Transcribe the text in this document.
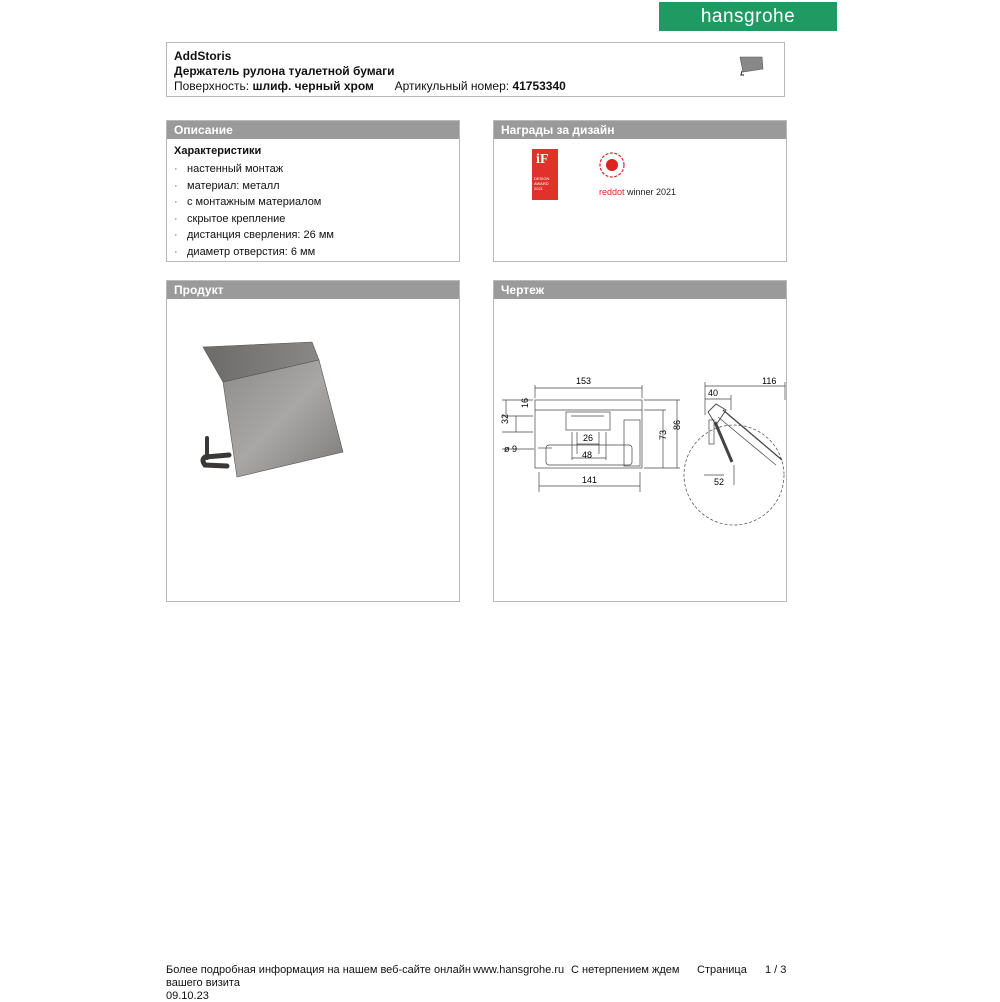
hansgrohe
AddStoris
Держатель рулона туалетной бумаги
Поверхность: шлиф. черный хром Артикульный номер: 41753340
Описание
Характеристики
· настенный монтаж
· материал: металл
· с монтажным материалом
· скрытое крепление
· дистанция сверления: 26 мм
· диаметр отверстия: 6 мм
Награды за дизайн
iF
DESIGN
AWARD
2021	reddot winner 2021
Продукт	Чертеж
153	116
40
16
32
ø 9
26
48
73
86
141	52
Более подробная информация на нашем веб-сайте онлайн www.hansgrohe.ru С нетерпением ждем
вашего визита
Страница 1 / 3
09.10.23
